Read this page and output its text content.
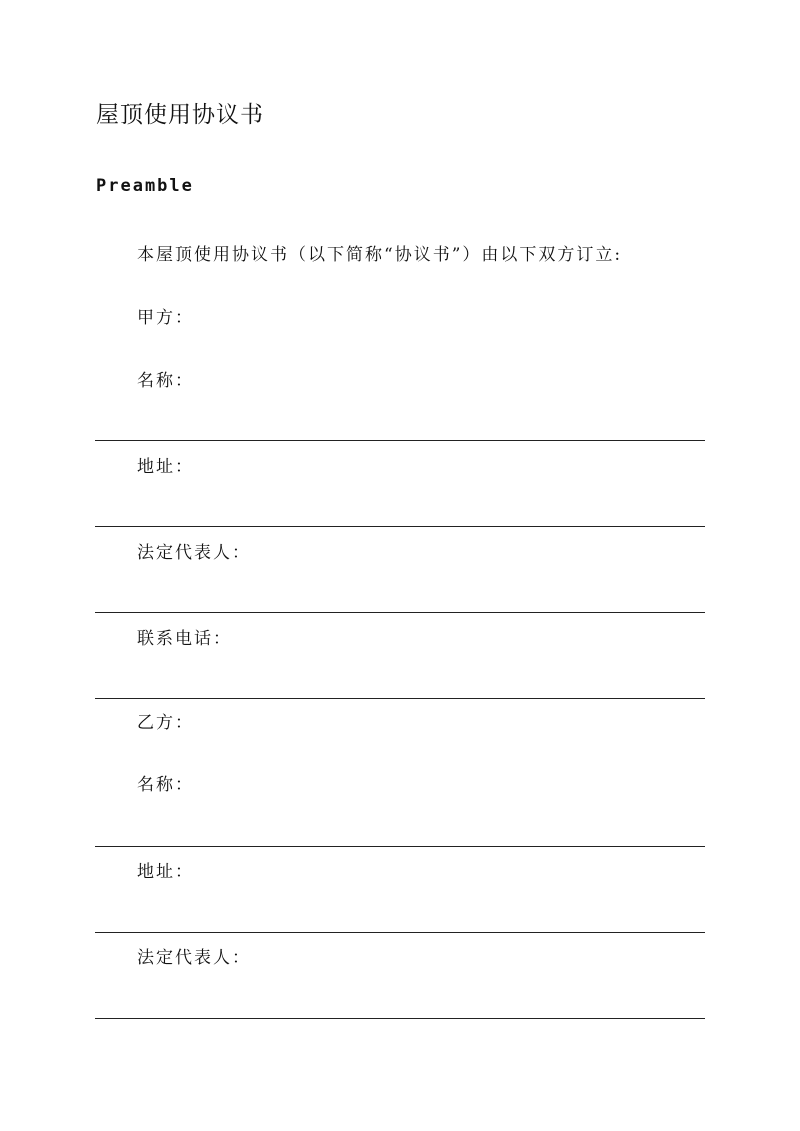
屋顶使用协议书
Preamble

本屋顶使用协议书（以下简称“协议书”）由以下双方订立:

甲方：

名称：

地址：

法定代表人：

联系电话：

乙方：

名称：

地址：

法定代表人：
